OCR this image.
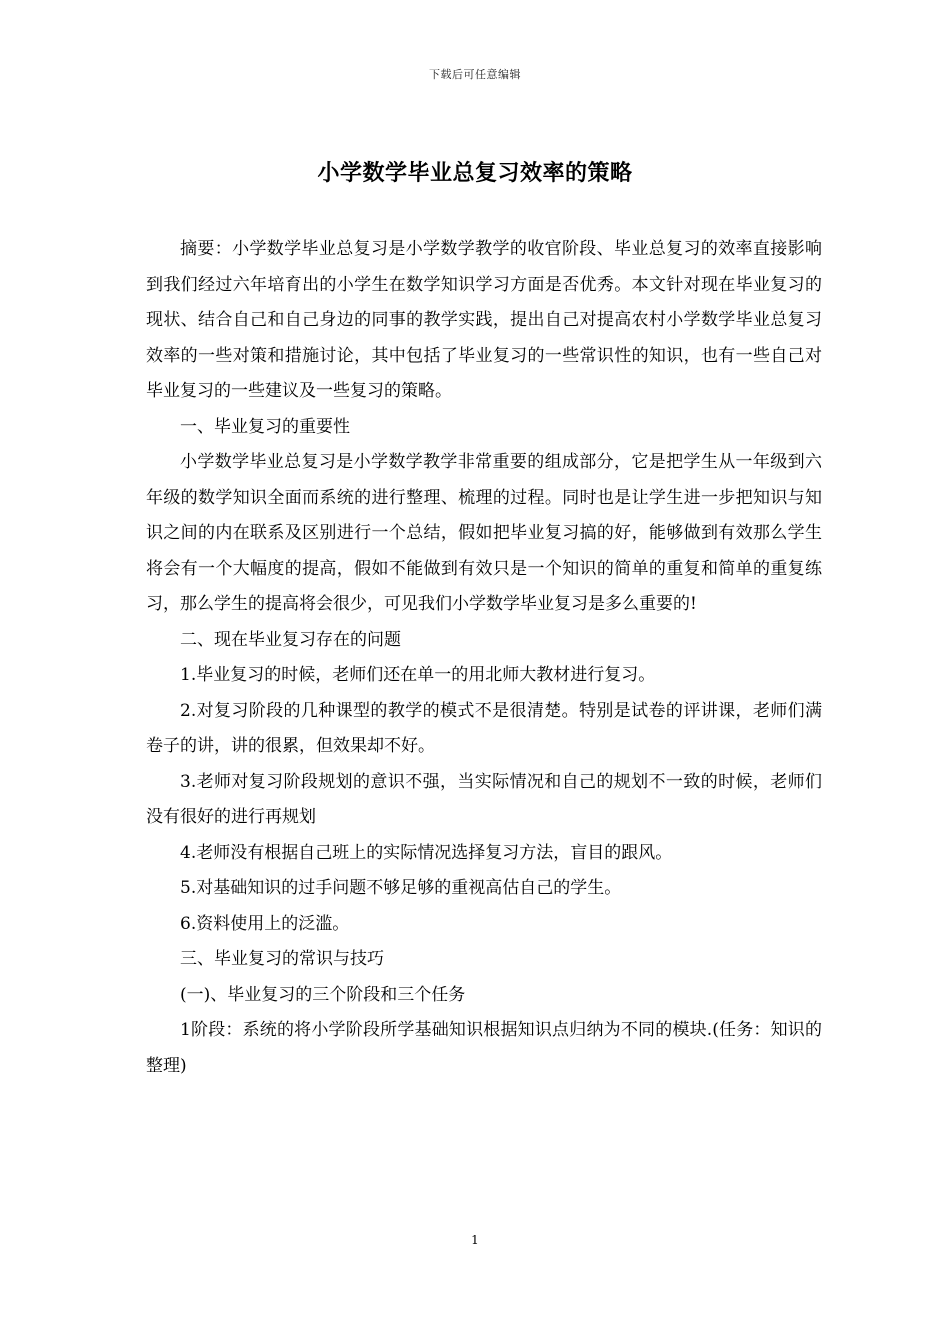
下载后可任意编辑
小学数学毕业总复习效率的策略

摘要：小学数学毕业总复习是小学数学教学的收官阶段、毕业总复习的效率直接影响到我们经过六年培育出的小学生在数学知识学习方面是否优秀。本文针对现在毕业复习的现状、结合自己和自己身边的同事的教学实践，提出自己对提高农村小学数学毕业总复习效率的一些对策和措施讨论，其中包括了毕业复习的一些常识性的知识，也有一些自己对毕业复习的一些建议及一些复习的策略。

一、毕业复习的重要性

小学数学毕业总复习是小学数学教学非常重要的组成部分，它是把学生从一年级到六年级的数学知识全面而系统的进行整理、梳理的过程。同时也是让学生进一步把知识与知识之间的内在联系及区别进行一个总结，假如把毕业复习搞的好，能够做到有效那么学生将会有一个大幅度的提高，假如不能做到有效只是一个知识的简单的重复和简单的重复练习，那么学生的提高将会很少，可见我们小学数学毕业复习是多么重要的!

二、现在毕业复习存在的问题

1.毕业复习的时候，老师们还在单一的用北师大教材进行复习。

2.对复习阶段的几种课型的教学的模式不是很清楚。特别是试卷的评讲课，老师们满卷子的讲，讲的很累，但效果却不好。

3.老师对复习阶段规划的意识不强，当实际情况和自己的规划不一致的时候，老师们没有很好的进行再规划

4.老师没有根据自己班上的实际情况选择复习方法，盲目的跟风。

5.对基础知识的过手问题不够足够的重视高估自己的学生。

6.资料使用上的泛滥。

三、毕业复习的常识与技巧

(一)、毕业复习的三个阶段和三个任务

1阶段：系统的将小学阶段所学基础知识根据知识点归纳为不同的模块.(任务：知识的整理)

1
